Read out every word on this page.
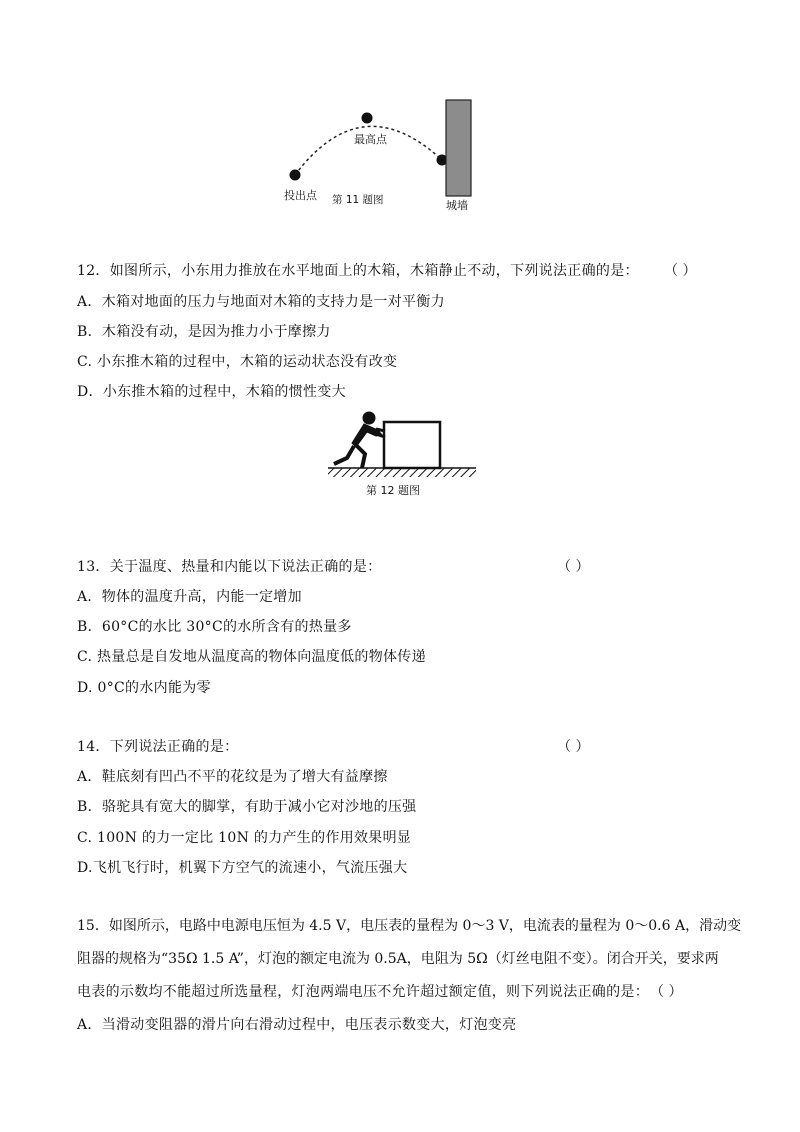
最高点
投出点 第 11 题图	城墙
12．如图所示，小东用力推放在水平地面上的木箱，木箱静止不动，下列说法正确的是： （ ）
A．木箱对地面的压力与地面对木箱的支持力是一对平衡力
B．木箱没有动，是因为推力小于摩擦力
C. 小东推木箱的过程中，木箱的运动状态没有改变
D．小东推木箱的过程中，木箱的惯性变大
第 12 题图
13．关于温度、热量和内能以下说法正确的是：	（ ）
A．物体的温度升高，内能一定增加
B．60°C的水比 30°C的水所含有的热量多
C. 热量总是自发地从温度高的物体向温度低的物体传递
D. 0°C的水内能为零
14．下列说法正确的是：	（ ）
A．鞋底刻有凹凸不平的花纹是为了增大有益摩擦
B．骆驼具有宽大的脚掌，有助于减小它对沙地的压强
C. 100N 的力一定比 10N 的力产生的作用效果明显
D.飞机飞行时，机翼下方空气的流速小，气流压强大
15．如图所示，电路中电源电压恒为 4.5 V，电压表的量程为 0～3 V，电流表的量程为 0～0.6 A，滑动变
阻器的规格为“35Ω 1.5 A”，灯泡的额定电流为 0.5A，电阻为 5Ω（灯丝电阻不变）。闭合开关，要求两
电表的示数均不能超过所选量程，灯泡两端电压不允许超过额定值，则下列说法正确的是： （ ）
A．当滑动变阻器的滑片向右滑动过程中，电压表示数变大，灯泡变亮
